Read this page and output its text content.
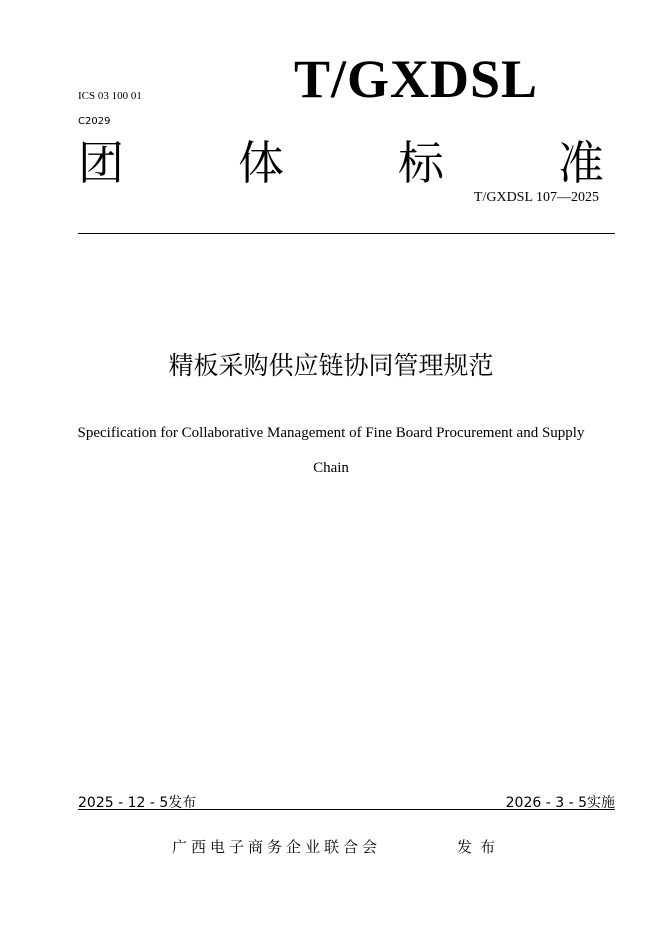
ICS 03 100 01
C2029
T/GXDSL
团 体 标 准
T/GXDSL 107—2025
精板采购供应链协同管理规范
Specification for Collaborative Management of Fine Board Procurement and Supply
Chain
2025 - 12 - 5发布	2026 - 3 - 5实施
广西电子商务企业联合会	发布
